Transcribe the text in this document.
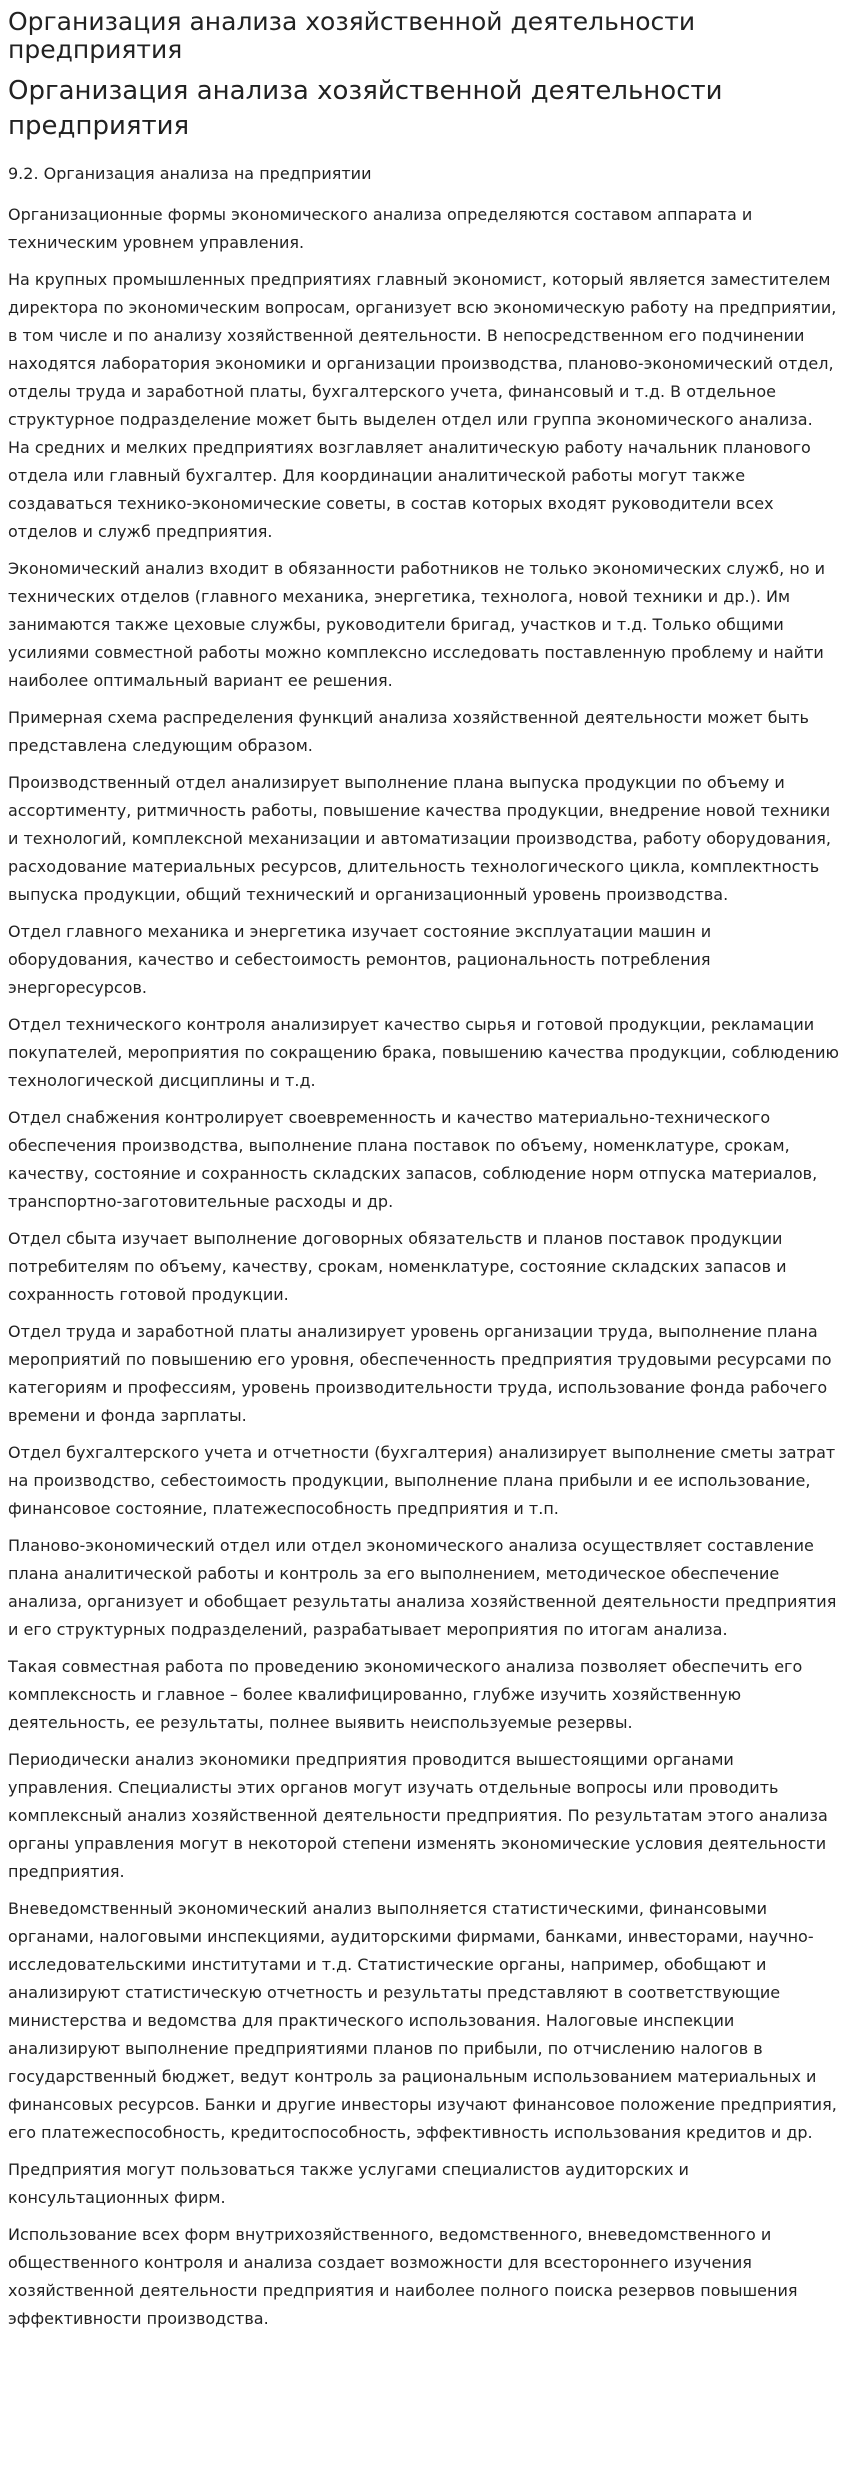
Организация анализа хозяйственной деятельности предприятия
Организация анализа хозяйственной деятельности предприятия
9.2. Организация анализа на предприятии

Организационные формы экономического анализа определяются составом аппарата и техническим уровнем управления.

На крупных промышленных предприятиях главный экономист, который является заместителем директора по экономическим вопросам, организует всю экономическую работу на предприятии, в том числе и по анализу хозяйственной деятельности. В непосредственном его подчинении находятся лаборатория экономики и организации производства, планово-экономический отдел, отделы труда и заработной платы, бухгалтерского учета, финансовый и т.д. В отдельное структурное подразделение может быть выделен отдел или группа экономического анализа. На средних и мелких предприятиях возглавляет аналитическую работу начальник планового отдела или главный бухгалтер. Для координации аналитической работы могут также создаваться технико-экономические советы, в состав которых входят руководители всех отделов и служб предприятия.

Экономический анализ входит в обязанности работников не только экономических служб, но и технических отделов (главного механика, энергетика, технолога, новой техники и др.). Им занимаются также цеховые службы, руководители бригад, участков и т.д. Только общими усилиями совместной работы можно комплексно исследовать поставленную проблему и найти наиболее оптимальный вариант ее решения.

Примерная схема распределения функций анализа хозяйственной деятельности может быть представлена следующим образом.

Производственный отдел анализирует выполнение плана выпуска продукции по объему и ассортименту, ритмичность работы, повышение качества продукции, внедрение новой техники и технологий, комплексной механизации и автоматизации производства, работу оборудования, расходование материальных ресурсов, длительность технологического цикла, комплектность выпуска продукции, общий технический и организационный уровень производства.

Отдел главного механика и энергетика изучает состояние эксплуатации машин и оборудования, качество и себестоимость ремонтов, рациональность потребления энергоресурсов.

Отдел технического контроля анализирует качество сырья и готовой продукции, рекламации покупателей, мероприятия по сокращению брака, повышению качества продукции, соблюдению технологической дисциплины и т.д.

Отдел снабжения контролирует своевременность и качество материально-технического обеспечения производства, выполнение плана поставок по объему, номенклатуре, срокам, качеству, состояние и сохранность складских запасов, соблюдение норм отпуска материалов, транспортно-заготовительные расходы и др.

Отдел сбыта изучает выполнение договорных обязательств и планов поставок продукции потребителям по объему, качеству, срокам, номенклатуре, состояние складских запасов и сохранность готовой продукции.

Отдел труда и заработной платы анализирует уровень организации труда, выполнение плана мероприятий по повышению его уровня, обеспеченность предприятия трудовыми ресурсами по категориям и профессиям, уровень производительности труда, использование фонда рабочего времени и фонда зарплаты.

Отдел бухгалтерского учета и отчетности (бухгалтерия) анализирует выполнение сметы затрат на производство, себестоимость продукции, выполнение плана прибыли и ее использование, финансовое состояние, платежеспособность предприятия и т.п.

Планово-экономический отдел или отдел экономического анализа осуществляет составление плана аналитической работы и контроль за его выполнением, методическое обеспечение анализа, организует и обобщает результаты анализа хозяйственной деятельности предприятия и его структурных подразделений, разрабатывает мероприятия по итогам анализа.

Такая совместная работа по проведению экономического анализа позволяет обеспечить его комплексность и главное – более квалифицированно, глубже изучить хозяйственную деятельность, ее результаты, полнее выявить неиспользуемые резервы.

Периодически анализ экономики предприятия проводится вышестоящими органами управления. Специалисты этих органов могут изучать отдельные вопросы или проводить комплексный анализ хозяйственной деятельности предприятия. По результатам этого анализа органы управления могут в некоторой степени изменять экономические условия деятельности предприятия.

Вневедомственный экономический анализ выполняется статистическими, финансовыми органами, налоговыми инспекциями, аудиторскими фирмами, банками, инвесторами, научно-исследовательскими институтами и т.д. Статистические органы, например, обобщают и анализируют статистическую отчетность и результаты представляют в соответствующие министерства и ведомства для практического использования. Налоговые инспекции анализируют выполнение предприятиями планов по прибыли, по отчислению налогов в государственный бюджет, ведут контроль за рациональным использованием материальных и финансовых ресурсов. Банки и другие инвесторы изучают финансовое положение предприятия, его платежеспособность, кредитоспособность, эффективность использования кредитов и др.

Предприятия могут пользоваться также услугами специалистов аудиторских и консультационных фирм.

Использование всех форм внутрихозяйственного, ведомственного, вневедомственного и общественного контроля и анализа создает возможности для всестороннего изучения хозяйственной деятельности предприятия и наиболее полного поиска резервов повышения эффективности производства.
